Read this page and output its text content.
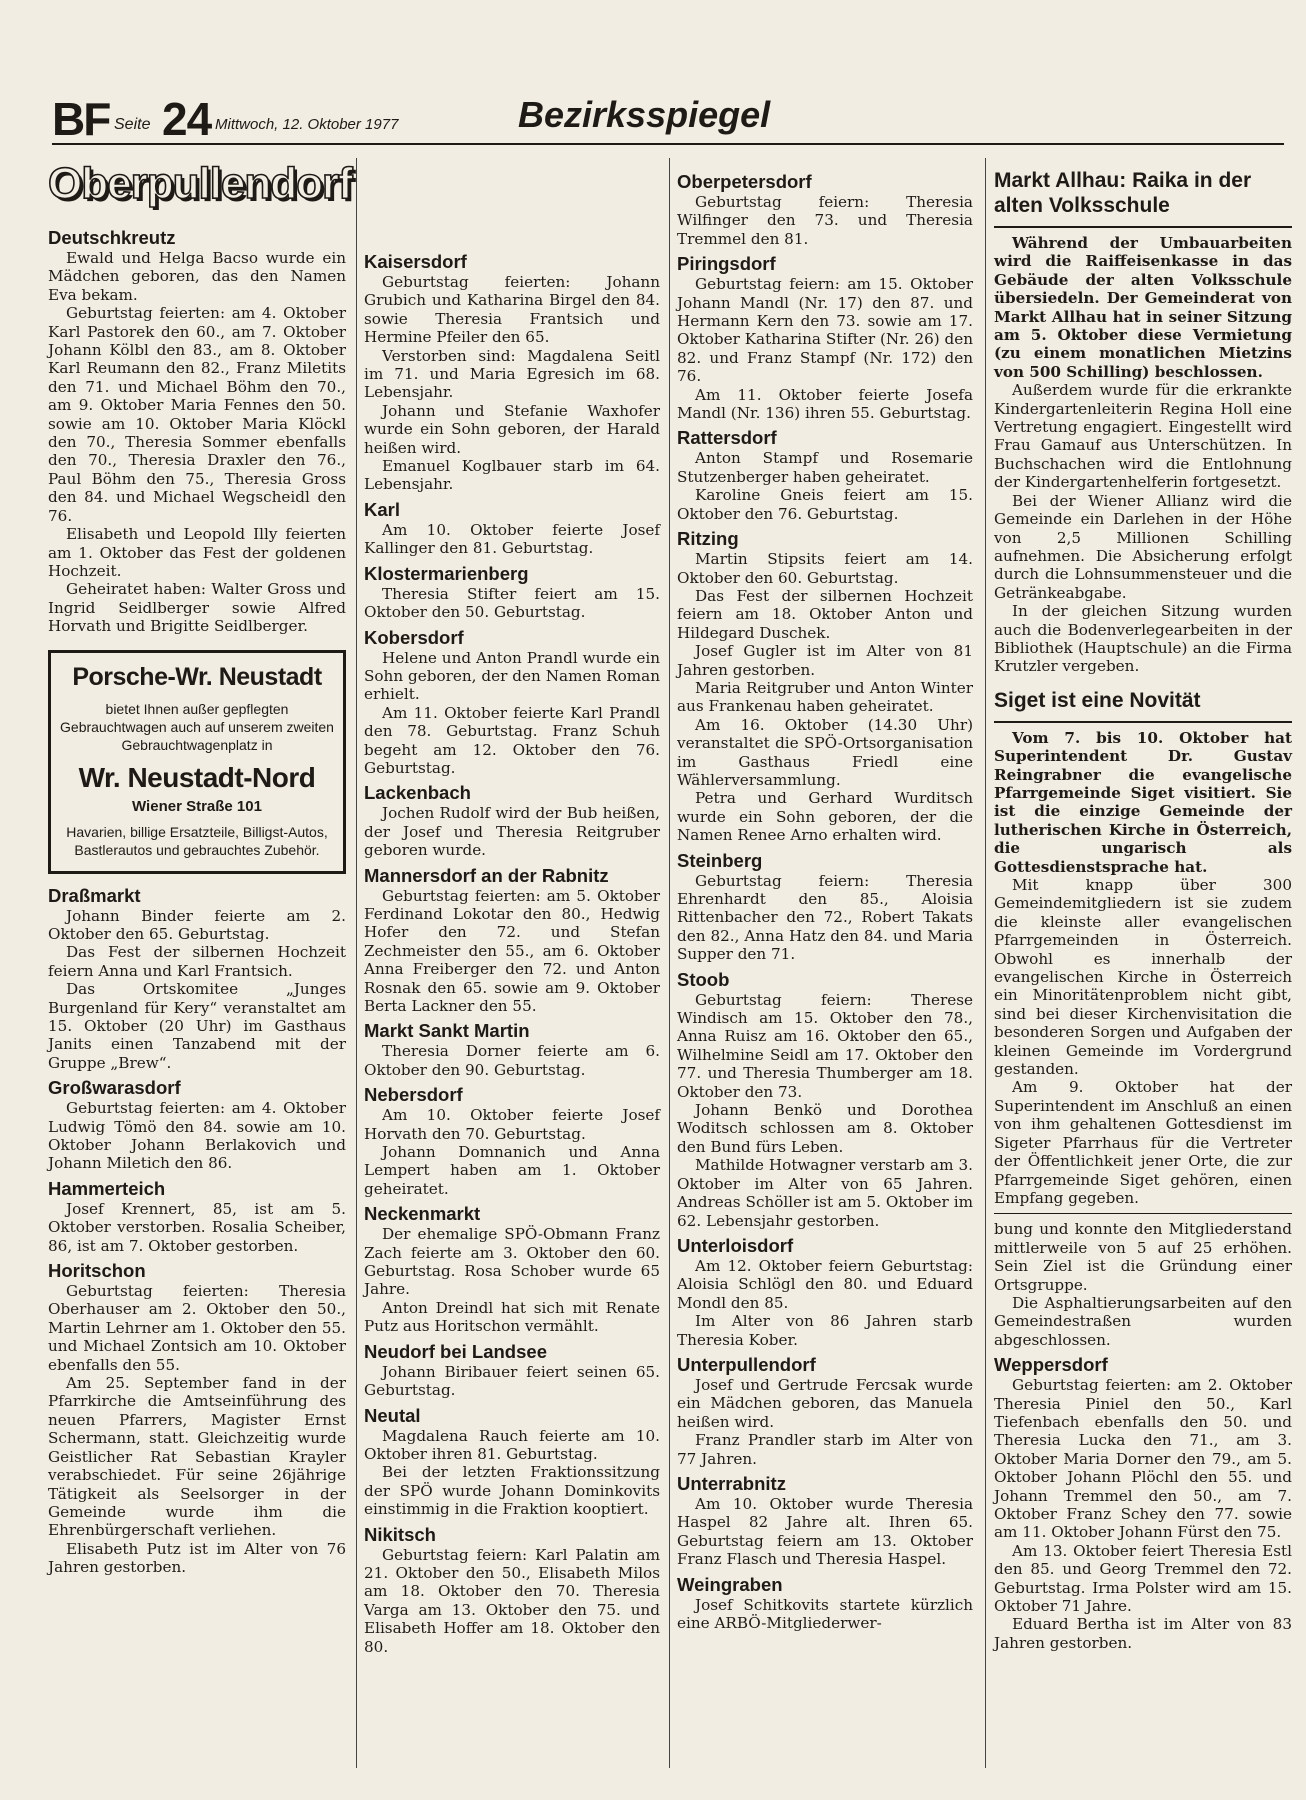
BF Seite 24 Mittwoch, 12. Oktober 1977	Bezirksspiegel
Oberpullendorf
Deutschkreutz

Ewald und Helga Bacso wurde ein Mädchen geboren, das den Namen Eva bekam.

Geburtstag feierten: am 4. Oktober Karl Pastorek den 60., am 7. Oktober Johann Kölbl den 83., am 8. Oktober Karl Reumann den 82., Franz Miletits den 71. und Michael Böhm den 70., am 9. Oktober Maria Fennes den 50. sowie am 10. Oktober Maria Klöckl den 70., Theresia Sommer ebenfalls den 70., Theresia Draxler den 76., Paul Böhm den 75., Theresia Gross den 84. und Michael Wegscheidl den 76.

Elisabeth und Leopold Illy feierten am 1. Oktober das Fest der goldenen Hochzeit.

Geheiratet haben: Walter Gross und Ingrid Seidlberger sowie Alfred Horvath und Brigitte Seidlberger.

Porsche-Wr. Neustadt
bietet Ihnen außer gepflegten Gebrauchtwagen auch auf unserem zweiten Gebrauchtwagenplatz in
Wr. Neustadt-Nord
Wiener Straße 101
Havarien, billige Ersatzteile, Billigst-Autos, Bastlerautos und gebrauchtes Zubehör.
Draßmarkt

Johann Binder feierte am 2. Oktober den 65. Geburtstag.

Das Fest der silbernen Hochzeit feiern Anna und Karl Frantsich.

Das Ortskomitee „Junges Burgenland für Kery“ veranstaltet am 15. Oktober (20 Uhr) im Gasthaus Janits einen Tanzabend mit der Gruppe „Brew“.

Großwarasdorf

Geburtstag feierten: am 4. Oktober Ludwig Tömö den 84. sowie am 10. Oktober Johann Berlakovich und Johann Miletich den 86.

Hammerteich

Josef Krennert, 85, ist am 5. Oktober verstorben. Rosalia Scheiber, 86, ist am 7. Oktober gestorben.

Horitschon

Geburtstag feierten: Theresia Oberhauser am 2. Oktober den 50., Martin Lehrner am 1. Oktober den 55. und Michael Zontsich am 10. Oktober ebenfalls den 55.

Am 25. September fand in der Pfarrkirche die Amtseinführung des neuen Pfarrers, Magister Ernst Schermann, statt. Gleichzeitig wurde Geistlicher Rat Sebastian Krayler verabschiedet. Für seine 26jährige Tätigkeit als Seelsorger in der Gemeinde wurde ihm die Ehrenbürgerschaft verliehen.

Elisabeth Putz ist im Alter von 76 Jahren gestorben.

Kaisersdorf

Geburtstag feierten: Johann Grubich und Katharina Birgel den 84. sowie Theresia Frantsich und Hermine Pfeiler den 65.

Verstorben sind: Magdalena Seitl im 71. und Maria Egresich im 68. Lebensjahr.

Johann und Stefanie Waxhofer wurde ein Sohn geboren, der Harald heißen wird.

Emanuel Koglbauer starb im 64. Lebensjahr.

Karl

Am 10. Oktober feierte Josef Kallinger den 81. Geburtstag.

Klostermarienberg

Theresia Stifter feiert am 15. Oktober den 50. Geburtstag.

Kobersdorf

Helene und Anton Prandl wurde ein Sohn geboren, der den Namen Roman erhielt.

Am 11. Oktober feierte Karl Prandl den 78. Geburtstag. Franz Schuh begeht am 12. Oktober den 76. Geburtstag.

Lackenbach

Jochen Rudolf wird der Bub heißen, der Josef und Theresia Reitgruber geboren wurde.

Mannersdorf an der Rabnitz

Geburtstag feierten: am 5. Oktober Ferdinand Lokotar den 80., Hedwig Hofer den 72. und Stefan Zechmeister den 55., am 6. Oktober Anna Freiberger den 72. und Anton Rosnak den 65. sowie am 9. Oktober Berta Lackner den 55.

Markt Sankt Martin

Theresia Dorner feierte am 6. Oktober den 90. Geburtstag.

Nebersdorf

Am 10. Oktober feierte Josef Horvath den 70. Geburtstag.

Johann Domnanich und Anna Lempert haben am 1. Oktober geheiratet.

Neckenmarkt

Der ehemalige SPÖ-Obmann Franz Zach feierte am 3. Oktober den 60. Geburtstag. Rosa Schober wurde 65 Jahre.

Anton Dreindl hat sich mit Renate Putz aus Horitschon vermählt.

Neudorf bei Landsee

Johann Biribauer feiert seinen 65. Geburtstag.

Neutal

Magdalena Rauch feierte am 10. Oktober ihren 81. Geburtstag.

Bei der letzten Fraktionssitzung der SPÖ wurde Johann Dominkovits einstimmig in die Fraktion kooptiert.

Nikitsch

Geburtstag feiern: Karl Palatin am 21. Oktober den 50., Elisabeth Milos am 18. Oktober den 70. Theresia Varga am 13. Oktober den 75. und Elisabeth Hoffer am 18. Oktober den 80.

Oberpetersdorf

Geburtstag feiern: Theresia Wilfinger den 73. und Theresia Tremmel den 81.

Piringsdorf

Geburtstag feiern: am 15. Oktober Johann Mandl (Nr. 17) den 87. und Hermann Kern den 73. sowie am 17. Oktober Katharina Stifter (Nr. 26) den 82. und Franz Stampf (Nr. 172) den 76.

Am 11. Oktober feierte Josefa Mandl (Nr. 136) ihren 55. Geburtstag.

Rattersdorf

Anton Stampf und Rosemarie Stutzenberger haben geheiratet.

Karoline Gneis feiert am 15. Oktober den 76. Geburtstag.

Ritzing

Martin Stipsits feiert am 14. Oktober den 60. Geburtstag.

Das Fest der silbernen Hochzeit feiern am 18. Oktober Anton und Hildegard Duschek.

Josef Gugler ist im Alter von 81 Jahren gestorben.

Maria Reitgruber und Anton Winter aus Frankenau haben geheiratet.

Am 16. Oktober (14.30 Uhr) veranstaltet die SPÖ-Ortsorganisation im Gasthaus Friedl eine Wählerversammlung.

Petra und Gerhard Wurditsch wurde ein Sohn geboren, der die Namen Renee Arno erhalten wird.

Steinberg

Geburtstag feiern: Theresia Ehrenhardt den 85., Aloisia Rittenbacher den 72., Robert Takats den 82., Anna Hatz den 84. und Maria Supper den 71.

Stoob

Geburtstag feiern: Therese Windisch am 15. Oktober den 78., Anna Ruisz am 16. Oktober den 65., Wilhelmine Seidl am 17. Oktober den 77. und Theresia Thumberger am 18. Oktober den 73.

Johann Benkö und Dorothea Woditsch schlossen am 8. Oktober den Bund fürs Leben.

Mathilde Hotwagner verstarb am 3. Oktober im Alter von 65 Jahren. Andreas Schöller ist am 5. Oktober im 62. Lebensjahr gestorben.

Unterloisdorf

Am 12. Oktober feiern Geburtstag: Aloisia Schlögl den 80. und Eduard Mondl den 85.

Im Alter von 86 Jahren starb Theresia Kober.

Unterpullendorf

Josef und Gertrude Fercsak wurde ein Mädchen geboren, das Manuela heißen wird.

Franz Prandler starb im Alter von 77 Jahren.

Unterrabnitz

Am 10. Oktober wurde Theresia Haspel 82 Jahre alt. Ihren 65. Geburtstag feiern am 13. Oktober Franz Flasch und Theresia Haspel.

Weingraben

Josef Schitkovits startete kürzlich eine ARBÖ-Mitgliederwer-

Markt Allhau: Raika in der alten Volksschule

Während der Umbauarbeiten wird die Raiffeisenkasse in das Gebäude der alten Volksschule übersiedeln. Der Gemeinderat von Markt Allhau hat in seiner Sitzung am 5. Oktober diese Vermietung (zu einem monatlichen Mietzins von 500 Schilling) beschlossen.

Außerdem wurde für die erkrankte Kindergartenleiterin Regina Holl eine Vertretung engagiert. Eingestellt wird Frau Gamauf aus Unterschützen. In Buchschachen wird die Entlohnung der Kindergartenhelferin fortgesetzt.

Bei der Wiener Allianz wird die Gemeinde ein Darlehen in der Höhe von 2,5 Millionen Schilling aufnehmen. Die Absicherung erfolgt durch die Lohnsummensteuer und die Getränkeabgabe.

In der gleichen Sitzung wurden auch die Bodenverlegearbeiten in der Bibliothek (Hauptschule) an die Firma Krutzler vergeben.

Siget ist eine Novität

Vom 7. bis 10. Oktober hat Superintendent Dr. Gustav Reingrabner die evangelische Pfarrgemeinde Siget visitiert. Sie ist die einzige Gemeinde der lutherischen Kirche in Österreich, die ungarisch als Gottesdienstsprache hat.

Mit knapp über 300 Gemeindemitgliedern ist sie zudem die kleinste aller evangelischen Pfarrgemeinden in Österreich. Obwohl es innerhalb der evangelischen Kirche in Österreich ein Minoritätenproblem nicht gibt, sind bei dieser Kirchenvisitation die besonderen Sorgen und Aufgaben der kleinen Gemeinde im Vordergrund gestanden.

Am 9. Oktober hat der Superintendent im Anschluß an einen von ihm gehaltenen Gottesdienst im Sigeter Pfarrhaus für die Vertreter der Öffentlichkeit jener Orte, die zur Pfarrgemeinde Siget gehören, einen Empfang gegeben.

bung und konnte den Mitgliederstand mittlerweile von 5 auf 25 erhöhen. Sein Ziel ist die Gründung einer Ortsgruppe.

Die Asphaltierungsarbeiten auf den Gemeindestraßen wurden abgeschlossen.

Weppersdorf

Geburtstag feierten: am 2. Oktober Theresia Piniel den 50., Karl Tiefenbach ebenfalls den 50. und Theresia Lucka den 71., am 3. Oktober Maria Dorner den 79., am 5. Oktober Johann Plöchl den 55. und Johann Tremmel den 50., am 7. Oktober Franz Schey den 77. sowie am 11. Oktober Johann Fürst den 75.

Am 13. Oktober feiert Theresia Estl den 85. und Georg Tremmel den 72. Geburtstag. Irma Polster wird am 15. Oktober 71 Jahre.

Eduard Bertha ist im Alter von 83 Jahren gestorben.
